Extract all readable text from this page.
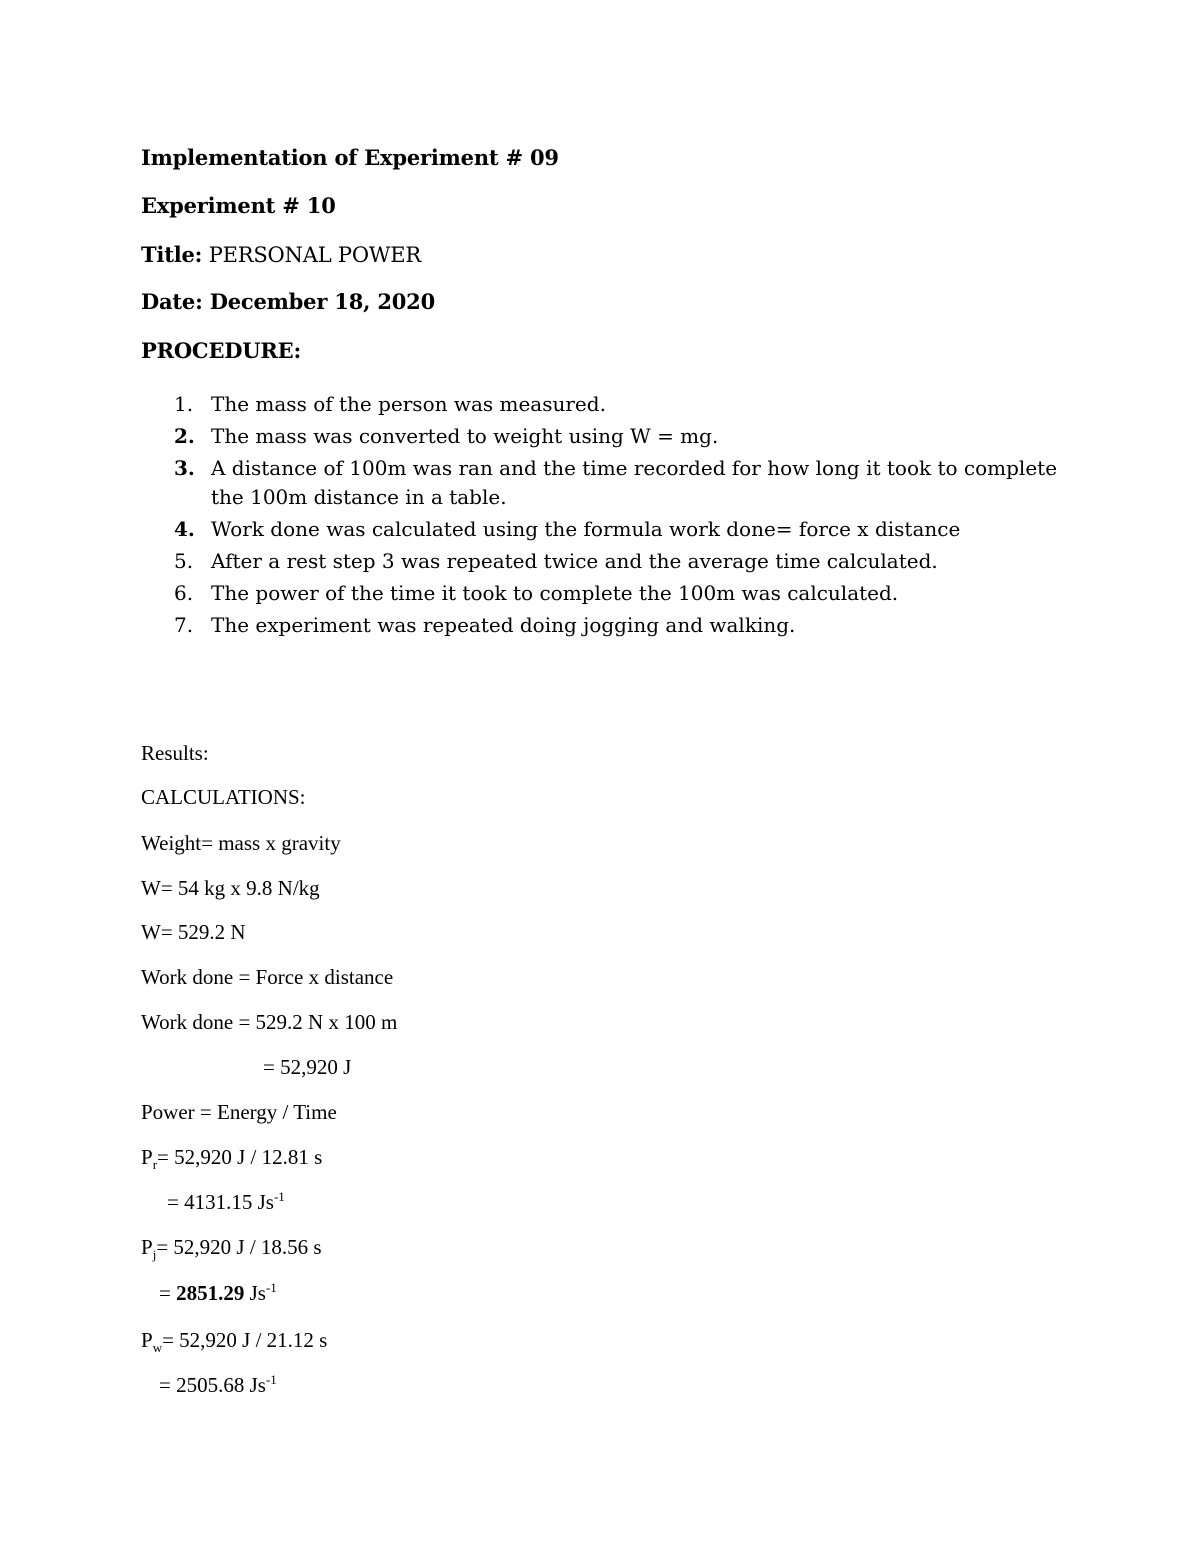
Implementation of Experiment # 09
Experiment # 10
Title: PERSONAL POWER
Date: December 18, 2020
PROCEDURE:
1. The mass of the person was measured.
2. The mass was converted to weight using W = mg.
3. A distance of 100m was ran and the time recorded for how long it took to complete the 100m distance in a table.
4. Work done was calculated using the formula work done= force x distance
5. After a rest step 3 was repeated twice and the average time calculated.
6. The power of the time it took to complete the 100m was calculated.
7. The experiment was repeated doing jogging and walking.
Results:
CALCULATIONS:
Weight= mass x gravity
W= 54 kg x 9.8 N/kg
W= 529.2 N
Work done = Force x distance
Work done = 529.2 N x 100 m
= 52,920 J
Power = Energy / Time
$P_r= 52,920$ J / 12.81 s
= 4131.15 $Js^{-1}$
$P_j= 52,920$ J / 18.56 s
= 2851.29 $Js^{-1}$
$P_w= 52,920$ J / 21.12 s
= 2505.68 $Js^{-1}$
